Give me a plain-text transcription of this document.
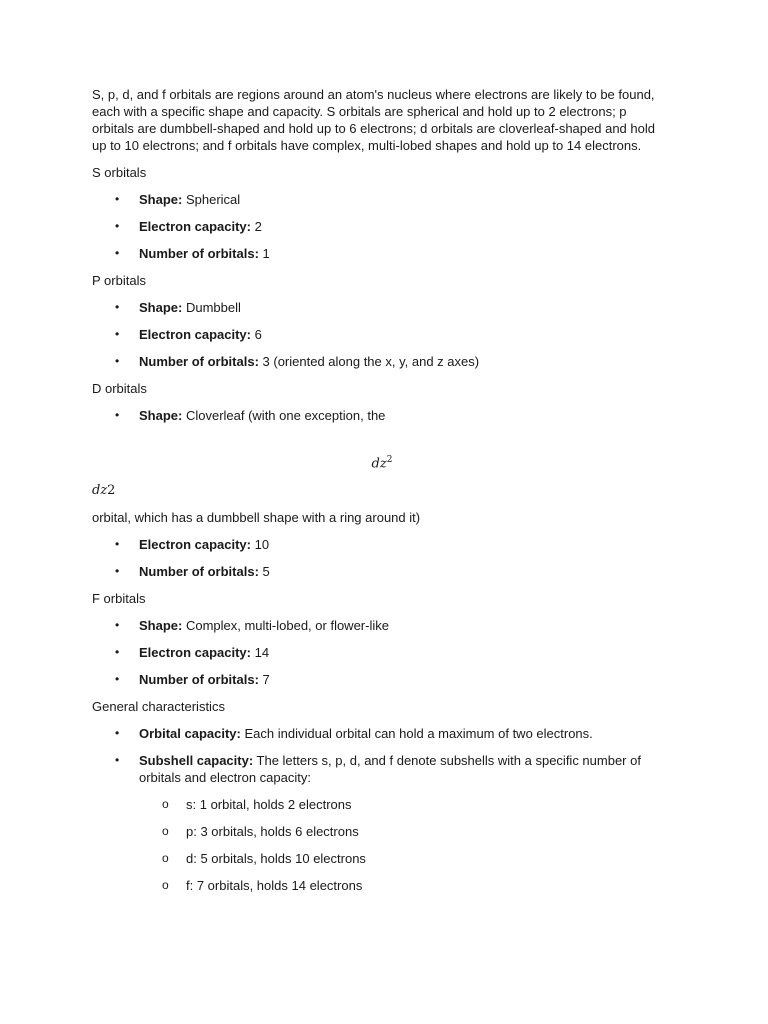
S, p, d, and f orbitals are regions around an atom's nucleus where electrons are likely to be found, each with a specific shape and capacity. S orbitals are spherical and hold up to 2 electrons; p orbitals are dumbbell-shaped and hold up to 6 electrons; d orbitals are cloverleaf-shaped and hold up to 10 electrons; and f orbitals have complex, multi-lobed shapes and hold up to 14 electrons.

S orbitals

• Shape: Spherical
• Electron capacity: 2
• Number of orbitals: 1

P orbitals

• Shape: Dumbbell
• Electron capacity: 6
• Number of orbitals: 3 (oriented along the x, y, and z axes)

D orbitals

• Shape: Cloverleaf (with one exception, the
$dz^2$

dz2

orbital, which has a dumbbell shape with a ring around it)

• Electron capacity: 10
• Number of orbitals: 5

F orbitals

• Shape: Complex, multi-lobed, or flower-like
• Electron capacity: 14
• Number of orbitals: 7

General characteristics

• Orbital capacity: Each individual orbital can hold a maximum of two electrons.
• Subshell capacity: The letters s, p, d, and f denote subshells with a specific number of orbitals and electron capacity:
o s: 1 orbital, holds 2 electrons
o p: 3 orbitals, holds 6 electrons
o d: 5 orbitals, holds 10 electrons
o f: 7 orbitals, holds 14 electrons
